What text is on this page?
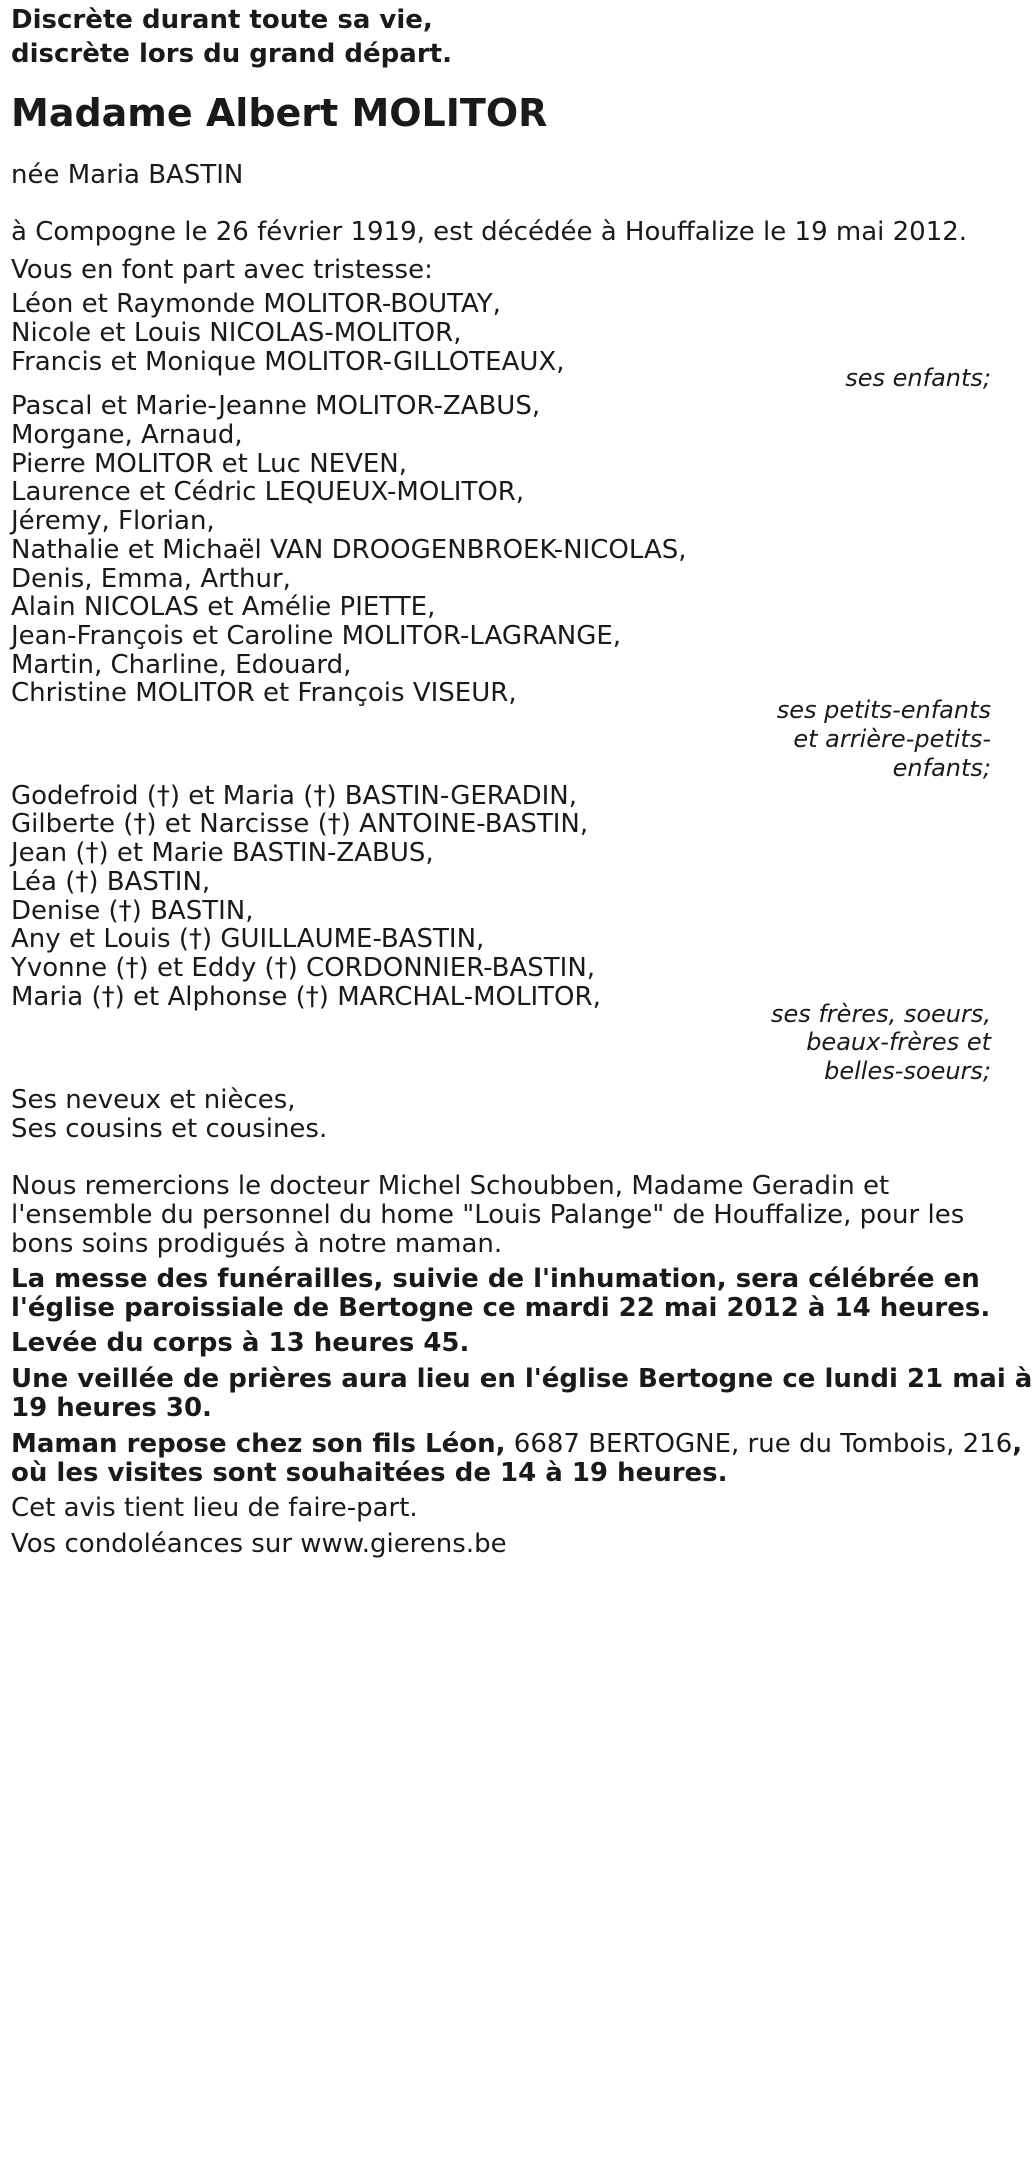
Discrète durant toute sa vie,
discrète lors du grand départ.
Madame Albert MOLITOR
née Maria BASTIN
à Compogne le 26 février 1919, est décédée à Houffalize le 19 mai 2012.
Vous en font part avec tristesse:
Léon et Raymonde MOLITOR-BOUTAY,
Nicole et Louis NICOLAS-MOLITOR,
Francis et Monique MOLITOR-GILLOTEAUX,
ses enfants;
Pascal et Marie-Jeanne MOLITOR-ZABUS,
Morgane, Arnaud,
Pierre MOLITOR et Luc NEVEN,
Laurence et Cédric LEQUEUX-MOLITOR,
Jéremy, Florian,
Nathalie et Michaël VAN DROOGENBROEK-NICOLAS,
Denis, Emma, Arthur,
Alain NICOLAS et Amélie PIETTE,
Jean-François et Caroline MOLITOR-LAGRANGE,
Martin, Charline, Edouard,
Christine MOLITOR et François VISEUR,
ses petits-enfants
et arrière-petits-
enfants;
Godefroid (†) et Maria (†) BASTIN-GERADIN,
Gilberte (†) et Narcisse (†) ANTOINE-BASTIN,
Jean (†) et Marie BASTIN-ZABUS,
Léa (†) BASTIN,
Denise (†) BASTIN,
Any et Louis (†) GUILLAUME-BASTIN,
Yvonne (†) et Eddy (†) CORDONNIER-BASTIN,
Maria (†) et Alphonse (†) MARCHAL-MOLITOR,
ses frères, soeurs,
beaux-frères et
belles-soeurs;
Ses neveux et nièces,
Ses cousins et cousines.
Nous remercions le docteur Michel Schoubben, Madame Geradin et
l'ensemble du personnel du home "Louis Palange" de Houffalize, pour les
bons soins prodigués à notre maman.
La messe des funérailles, suivie de l'inhumation, sera célébrée en
l'église paroissiale de Bertogne ce mardi 22 mai 2012 à 14 heures.
Levée du corps à 13 heures 45.
Une veillée de prières aura lieu en l'église Bertogne ce lundi 21 mai à
19 heures 30.
Maman repose chez son fils Léon, 6687 BERTOGNE, rue du Tombois, 216,
où les visites sont souhaitées de 14 à 19 heures.
Cet avis tient lieu de faire-part.
Vos condoléances sur www.gierens.be
